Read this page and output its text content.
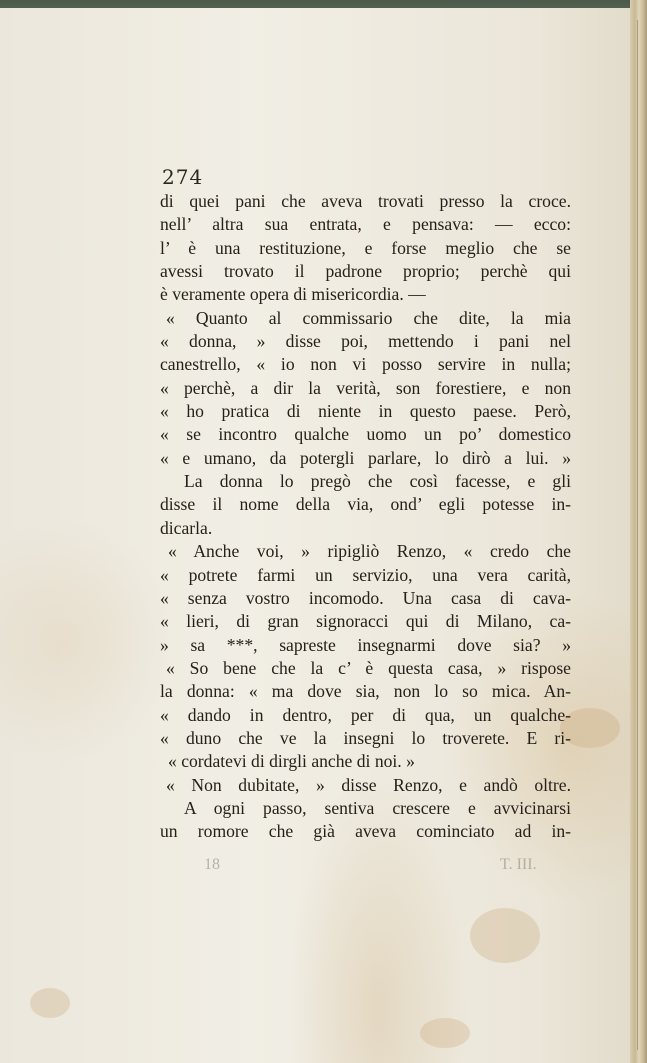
274
di quei pani che aveva trovati presso la croce.
nell’ altra sua entrata, e pensava: — ecco:
l’ è una restituzione, e forse meglio che se
avessi trovato il padrone proprio; perchè qui
è veramente opera di misericordia. —
« Quanto al commissario che dite, la mia
« donna, » disse poi, mettendo i pani nel
canestrello, « io non vi posso servire in nulla;
« perchè, a dir la verità, son forestiere, e non
« ho pratica di niente in questo paese. Però,
« se incontro qualche uomo un po’ domestico
« e umano, da potergli parlare, lo dirò a lui. »
La donna lo pregò che così facesse, e gli
disse il nome della via, ond’ egli potesse in-
dicarla.
« Anche voi, » ripigliò Renzo, « credo che
« potrete farmi un servizio, una vera carità,
« senza vostro incomodo. Una casa di cava-
« lieri, di gran signoracci qui di Milano, ca-
» sa ***, sapreste insegnarmi dove sia? »
« So bene che la c’ è questa casa, » rispose
la donna: « ma dove sia, non lo so mica. An-
« dando in dentro, per di qua, un qualche-
« duno che ve la insegni lo troverete. E ri-
« cordatevi di dirgli anche di noi. »
« Non dubitate, » disse Renzo, e andò oltre.
A ogni passo, sentiva crescere e avvicinarsi
un romore che già aveva cominciato ad in-
18	T. III.
